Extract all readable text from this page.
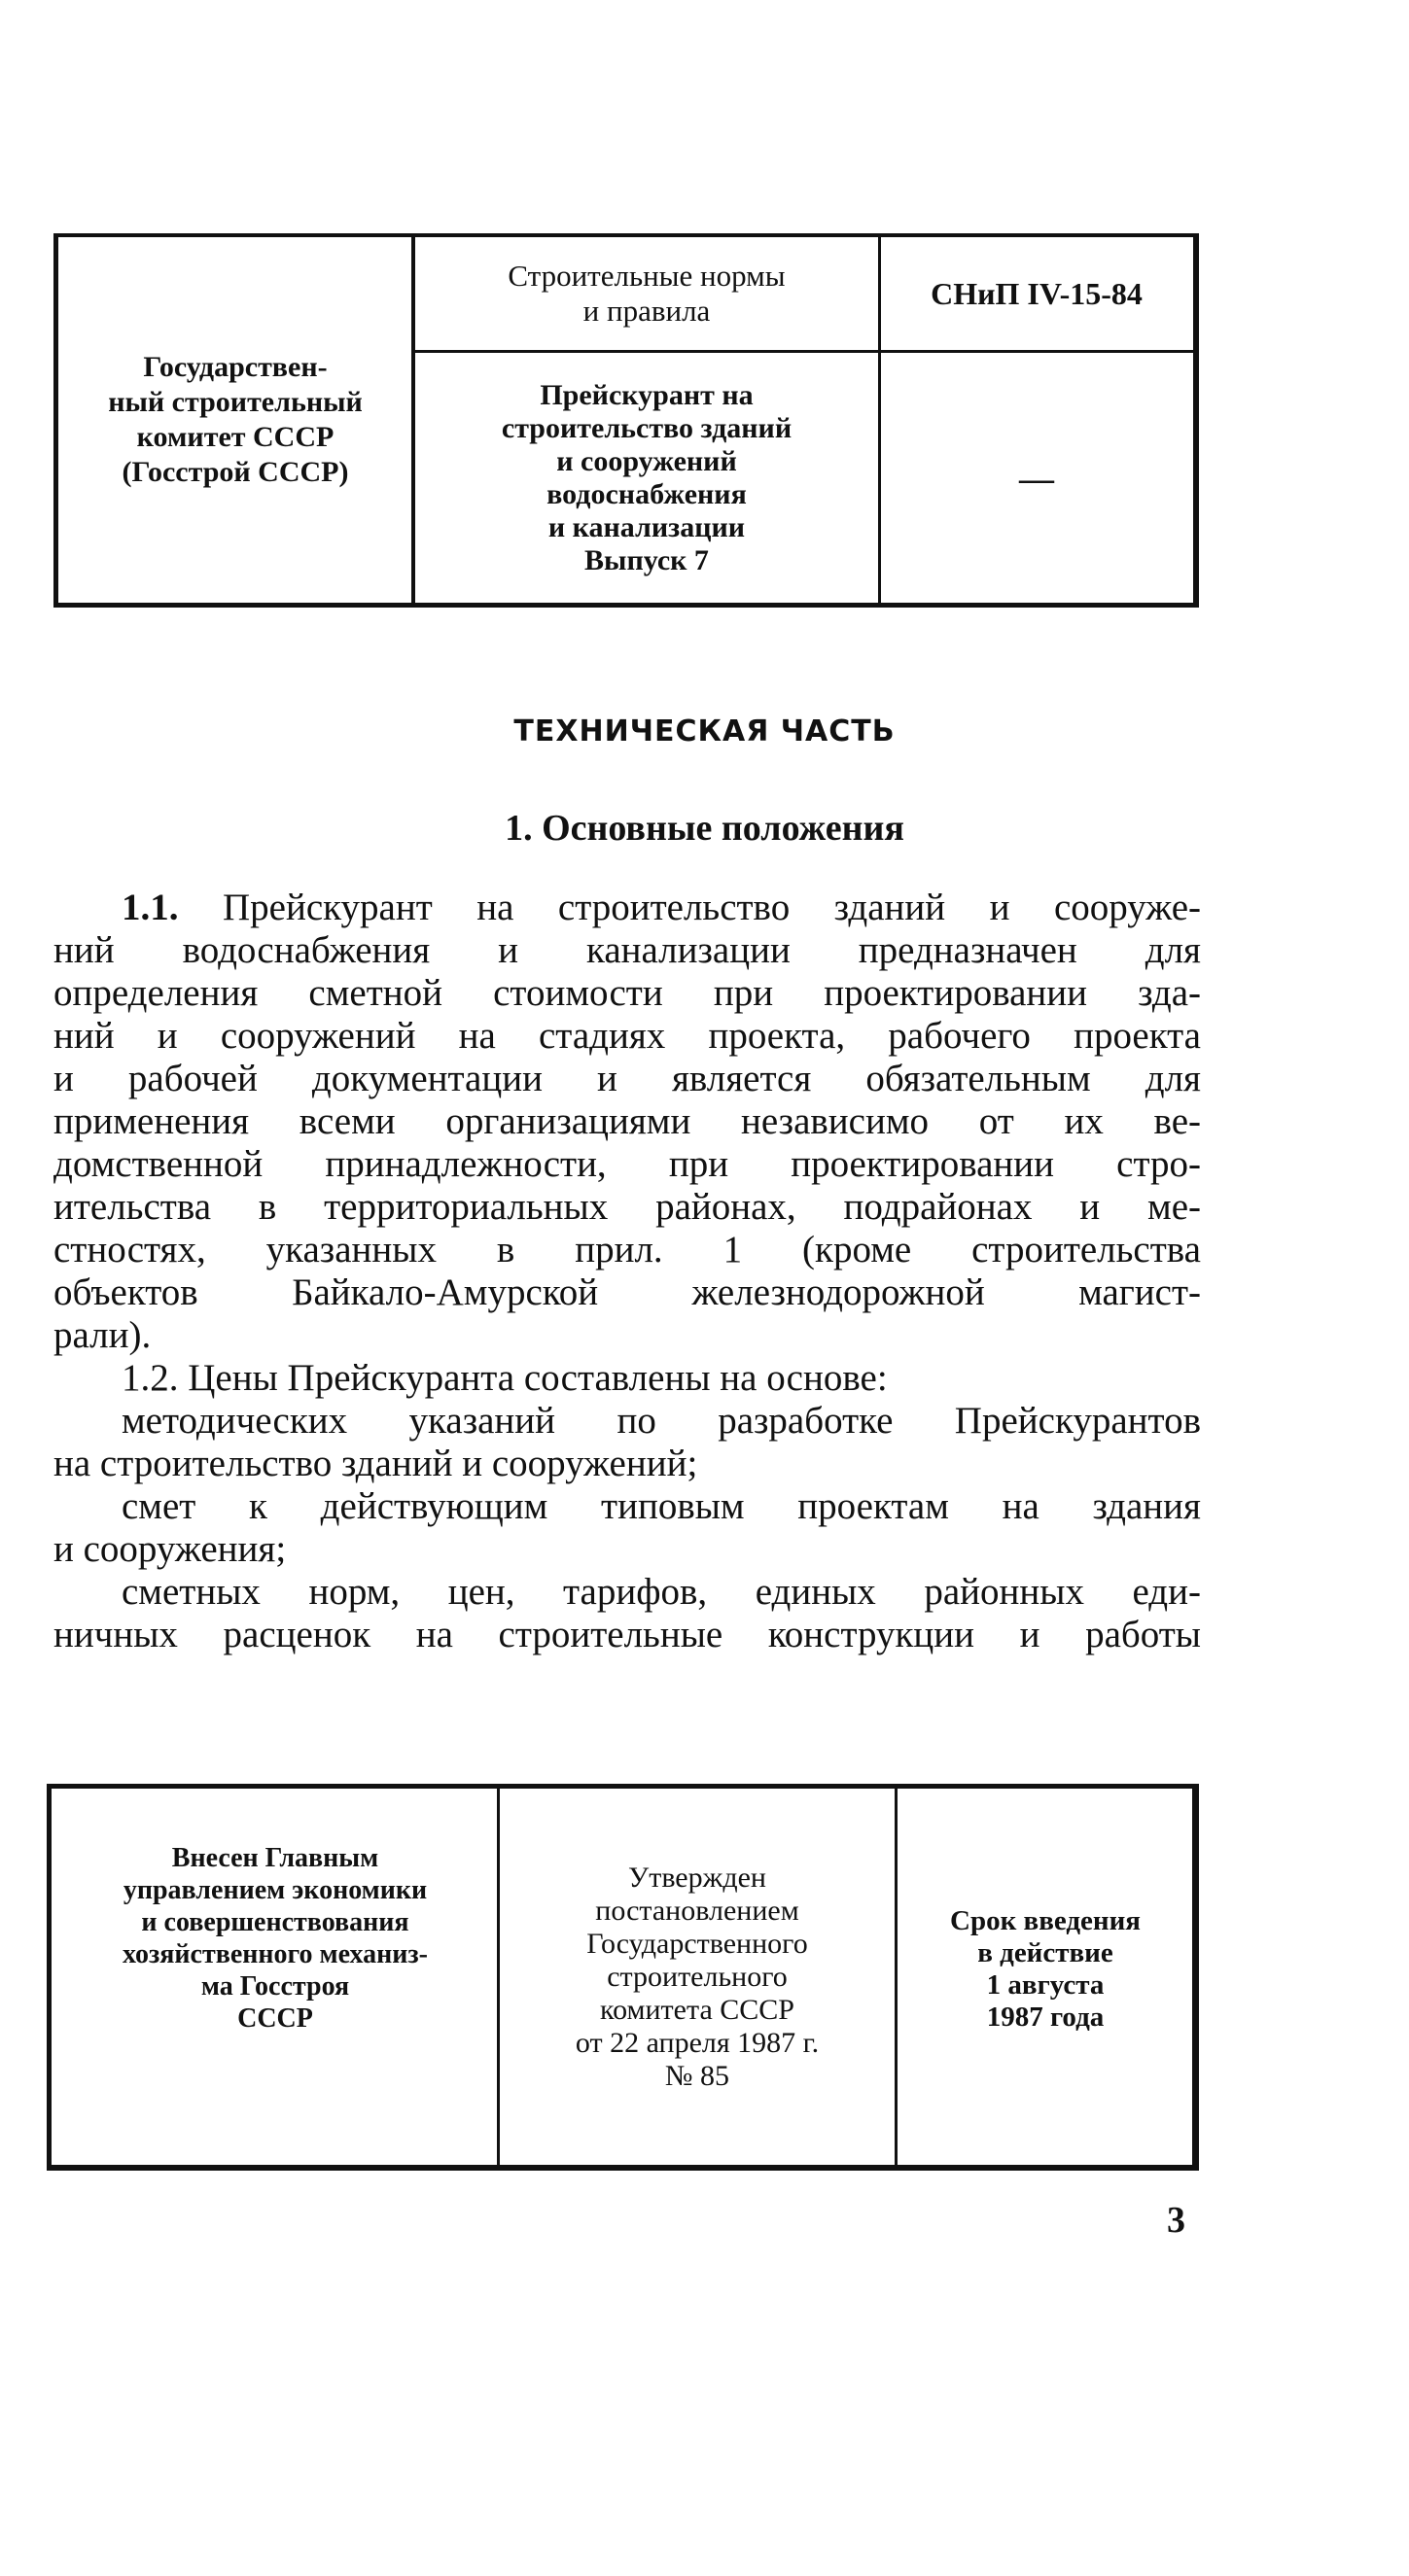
Государствен-
ный строительный
комитет СССР
(Госстрой СССР)
Строительные нормы
и правила	СНиП IV-15-84
Прейскурант на
строительство зданий
и сооружений
водоснабжения
и канализации
Выпуск 7
—
ТЕХНИЧЕСКАЯ ЧАСТЬ
1. Основные положения
1.1. Прейскурант на строительство зданий и сооруже-
ний водоснабжения и канализации предназначен для
определения сметной стоимости при проектировании зда-
ний и сооружений на стадиях проекта, рабочего проекта
и рабочей документации и является обязательным для
применения всеми организациями независимо от их ве-
домственной принадлежности, при проектировании стро-
ительства в территориальных районах, подрайонах и ме-
стностях, указанных в прил. 1 (кроме строительства
объектов Байкало-Амурской железнодорожной магист-
рали).
1.2. Цены Прейскуранта составлены на основе:
методических указаний по разработке Прейскурантов
на строительство зданий и сооружений;
смет к действующим типовым проектам на здания
и сооружения;
сметных норм, цен, тарифов, единых районных еди-
ничных расценок на строительные конструкции и работы
Внесен Главным
управлением экономики
и совершенствования
хозяйственного механиз-
ма Госстроя
СССР
Утвержден
постановлением
Государственного
строительного
комитета СССР
от 22 апреля 1987 г.
№ 85
Срок введения
в действие
1 августа
1987 года
3
